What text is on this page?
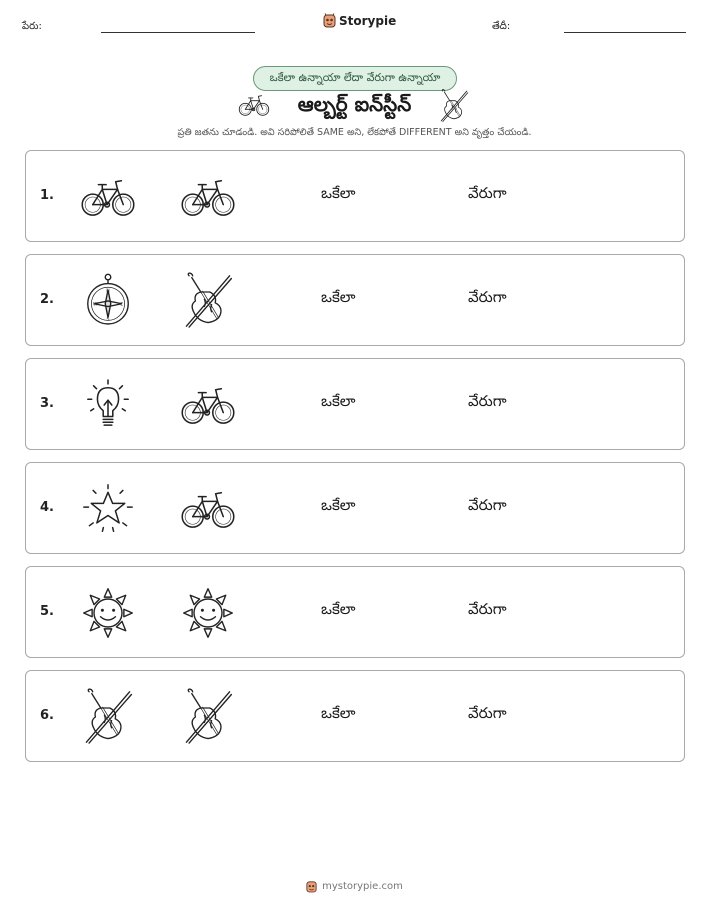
పేరు:	Storypie	తేదీ:
ఒకేలా ఉన్నాయా లేదా వేరుగా ఉన్నాయా
ఆల్బర్ట్ ఐన్‌స్టీన్
ప్రతి జతను చూడండి. అవి సరిపోలితే SAME అని, లేకపోతే DIFFERENT అని వృత్తం చేయండి.
1.	ఒకేలా	వేరుగా
2.	ఒకేలా	వేరుగా
3.	ఒకేలా	వేరుగా
4.	ఒకేలా	వేరుగా
5.	ఒకేలా	వేరుగా
6.	ఒకేలా	వేరుగా
mystorypie.com
